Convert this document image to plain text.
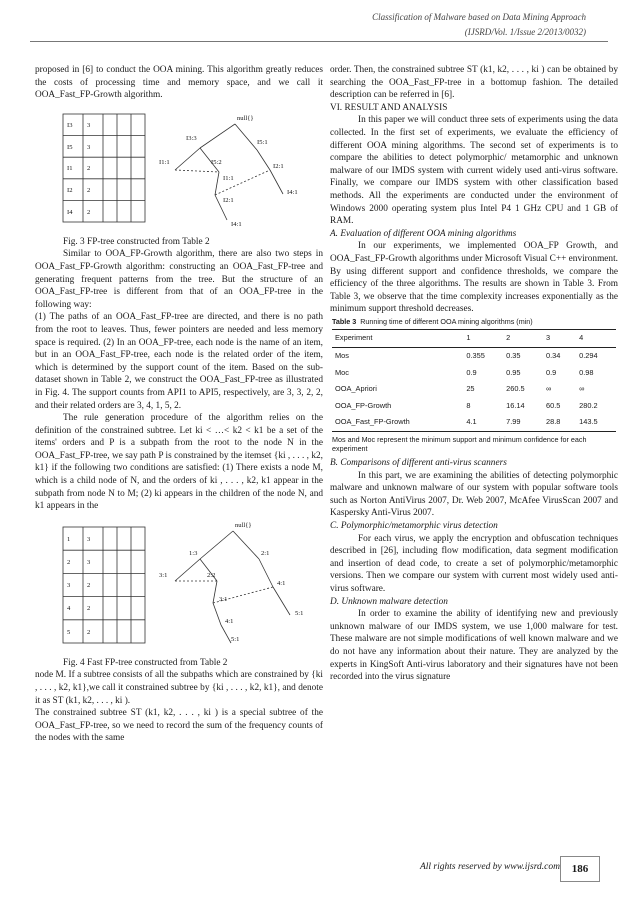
Classification of Malware based on Data Mining Approach
(IJSRD/Vol. 1/Issue 2/2013/0032)

proposed in [6] to conduct the OOA mining. This algorithm greatly reduces the costs of processing time and memory space, and we call it OOA_Fast_FP-Growth algorithm.

I3 3
I5 3
I1 2
I2 2
I4 2
null{}
I3:3
I5:1
I1:1	I5:2
I1:1
I2:1
I4:1
I2:1
I4:1

Fig. 3 FP-tree constructed from Table 2

Similar to OOA_FP-Growth algorithm, there are also two steps in OOA_Fast_FP-Growth algorithm: constructing an OOA_Fast_FP-tree and generating frequent patterns from the tree. But the structure of an OOA_Fast_FP-tree is different from that of an OOA_FP-tree in the following way:

(1) The paths of an OOA_Fast_FP-tree are directed, and there is no path from the root to leaves. Thus, fewer pointers are needed and less memory space is required. (2) In an OOA_FP-tree, each node is the name of an item, but in an OOA_Fast_FP-tree, each node is the related order of the item, which is determined by the support count of the item. Based on the sub-dataset shown in Table 2, we construct the OOA_Fast_FP-tree as illustrated in Fig. 4. The support counts from API1 to API5, respectively, are 3, 3, 2, 2, and their related orders are 3, 4, 1, 5, 2.

The rule generation procedure of the algorithm relies on the definition of the constrained subtree. Let ki < …< k2 < k1 be a set of the items' orders and P is a subpath from the root to the node N in the OOA_Fast_FP-tree, we say path P is constrained by the itemset {ki , . . . , k2, k1} if the following two conditions are satisfied: (1) There exists a node M, which is a child node of N, and the orders of ki , . . . , k2, k1 appear in the subpath from node N to M; (2) ki appears in the children of the node N, and k1 appears in the

1	3
2	3
3	2
4	2
5	2
null{}
1:3	2:1
3:1	2:2
4:1
3:1
5:1
4:1
5:1

Fig. 4 Fast FP-tree constructed from Table 2

node M. If a subtree consists of all the subpaths which are constrained by {ki , . . . , k2, k1},we call it constrained subtree by {ki , . . . , k2, k1}, and denote it as ST (k1, k2, . . . , ki ).

The constrained subtree ST (k1, k2, . . . , ki ) is a special subtree of the OOA_Fast_FP-tree, so we need to record the sum of the frequency counts of the nodes with the same

order. Then, the constrained subtree ST (k1, k2, . . . , ki ) can be obtained by searching the OOA_Fast_FP-tree in a bottomup fashion. The detailed description can be referred in [6].

VI. RESULT AND ANALYSIS

In this paper we will conduct three sets of experiments using the data collected. In the first set of experiments, we evaluate the efficiency of different OOA mining algorithms. The second set of experiments is to compare the abilities to detect polymorphic/ metamorphic and unknown malware of our IMDS system with current widely used anti-virus software. Finally, we compare our IMDS system with other classification based methods. All the experiments are conducted under the environment of Windows 2000 operating system plus Intel P4 1 GHz CPU and 1 GB of RAM.

A. Evaluation of different OOA mining algorithms

In our experiments, we implemented OOA_FP Growth, and OOA_Fast_FP-Growth algorithms under Microsoft Visual C++ environment. By using different support and confidence thresholds, we compare the efficiency of the three algorithms. The results are shown in Table 3. From Table 3, we observe that the time complexity increases exponentially as the minimum support threshold decreases.

Table 3 Running time of different OOA mining algorithms (min)
Experiment	1	2	3	4
Mos	0.355	0.35	0.34	0.294
Moc	0.9	0.95	0.9	0.98
OOA_Apriori	25	260.5	∞	∞
OOA_FP-Growth	8	16.14	60.5	280.2
OOA_Fast_FP-Growth	4.1	7.99	28.8	143.5
Mos and Moc represent the minimum support and minimum confidence for each experiment

B. Comparisons of different anti-virus scanners

In this part, we are examining the abilities of detecting polymorphic malware and unknown malware of our system with popular software tools such as Norton AntiVirus 2007, Dr. Web 2007, McAfee VirusScan 2007 and Kaspersky Anti-Virus 2007.

C. Polymorphic/metamorphic virus detection

For each virus, we apply the encryption and obfuscation techniques described in [26], including flow modification, data segment modification and insertion of dead code, to create a set of polymorphic/metamorphic versions. Then we compare our system with current most widely used anti-virus software.

D. Unknown malware detection

In order to examine the ability of identifying new and previously unknown malware of our IMDS system, we use 1,000 malware for test. These malware are not simple modifications of well known malware and we do not have any information about their nature. They are analyzed by the experts in KingSoft Anti-virus laboratory and their signatures have not been recorded into the virus signature

All rights reserved by www.ijsrd.com	186
